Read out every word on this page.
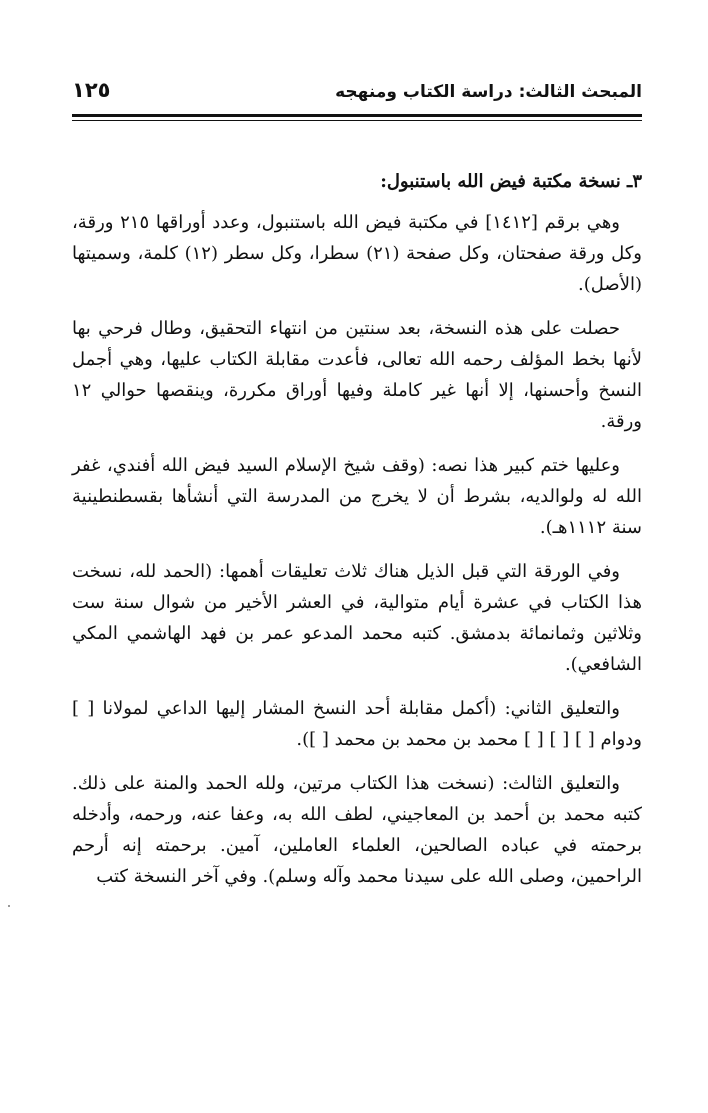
المبحث الثالث: دراسة الكتاب ومنهجه
١٢٥
٣ـ نسخة مكتبة فيض الله باستنبول:

وهي برقم [١٤١٢] في مكتبة فيض الله باستنبول، وعدد أوراقها ٢١٥ ورقة، وكل ورقة صفحتان، وكل صفحة (٢١) سطرا، وكل سطر (١٢) كلمة، وسميتها (الأصل).

حصلت على هذه النسخة، بعد سنتين من انتهاء التحقيق، وطال فرحي بها لأنها بخط المؤلف رحمه الله تعالى، فأعدت مقابلة الكتاب عليها، وهي أجمل النسخ وأحسنها، إلا أنها غير كاملة وفيها أوراق مكررة، وينقصها حوالي ١٢ ورقة.

وعليها ختم كبير هذا نصه: (وقف شيخ الإسلام السيد فيض الله أفندي، غفر الله له ولوالديه، بشرط أن لا يخرج من المدرسة التي أنشأها بقسطنطينية سنة ١١١٢هـ).

وفي الورقة التي قبل الذيل هناك ثلاث تعليقات أهمها: (الحمد لله، نسخت هذا الكتاب في عشرة أيام متوالية، في العشر الأخير من شوال سنة ست وثلاثين وثمانمائة بدمشق. كتبه محمد المدعو عمر بن فهد الهاشمي المكي الشافعي).

والتعليق الثاني: (أكمل مقابلة أحد النسخ المشار إليها الداعي لمولانا [ ] ودوام [ ] [ ] [ ] محمد بن محمد بن محمد [ ]).

والتعليق الثالث: (نسخت هذا الكتاب مرتين، ولله الحمد والمنة على ذلك. كتبه محمد بن أحمد بن المعاجيني، لطف الله به، وعفا عنه، ورحمه، وأدخله برحمته في عباده الصالحين، العلماء العاملين، آمين. برحمته إنه أرحم الراحمين، وصلى الله على سيدنا محمد وآله وسلم). وفي آخر النسخة كتب
